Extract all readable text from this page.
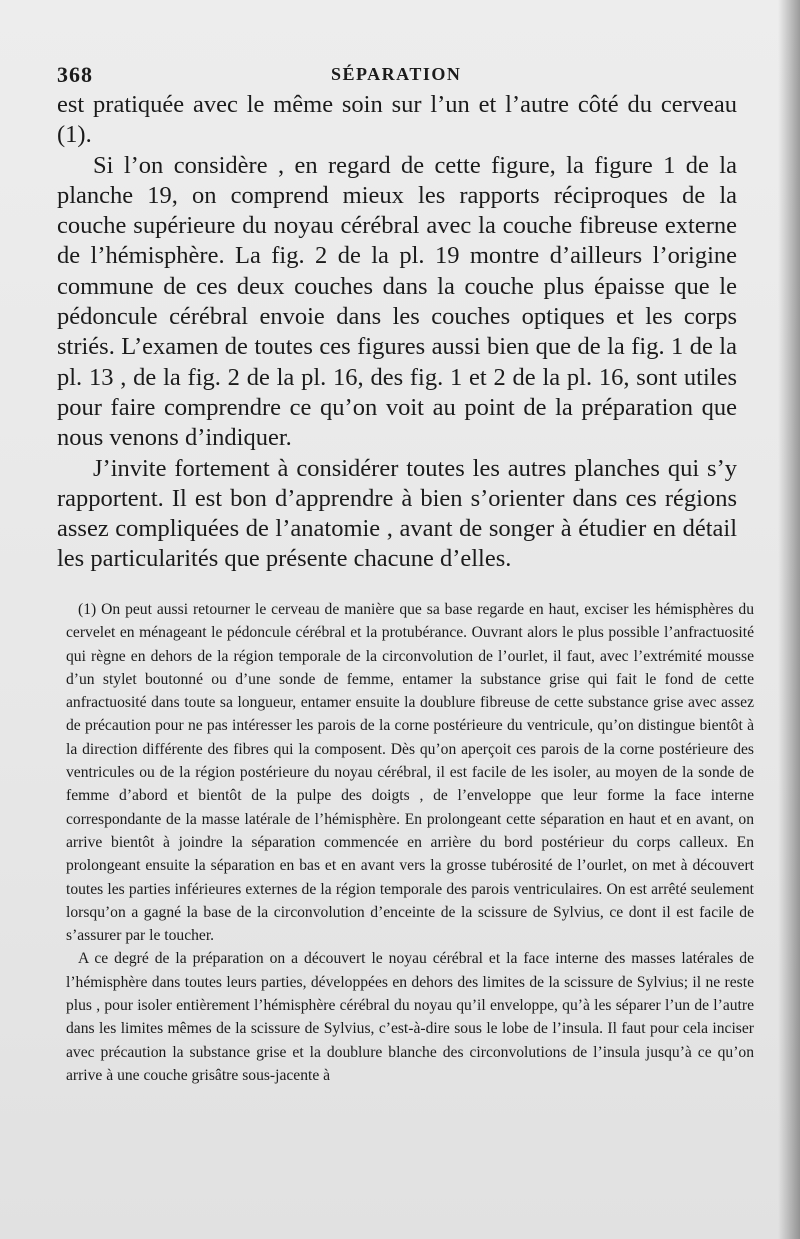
368	SÉPARATION

est pratiquée avec le même soin sur l’un et l’autre côté du cerveau (1).

Si l’on considère , en regard de cette figure, la figure 1 de la planche 19, on comprend mieux les rapports réciproques de la couche supérieure du noyau cérébral avec la couche fibreuse externe de l’hémisphère. La fig. 2 de la pl. 19 montre d’ailleurs l’origine commune de ces deux couches dans la couche plus épaisse que le pédoncule cérébral envoie dans les couches optiques et les corps striés. L’examen de toutes ces figures aussi bien que de la fig. 1 de la pl. 13 , de la fig. 2 de la pl. 16, des fig. 1 et 2 de la pl. 16, sont utiles pour faire comprendre ce qu’on voit au point de la préparation que nous venons d’indiquer.

J’invite fortement à considérer toutes les autres planches qui s’y rapportent. Il est bon d’apprendre à bien s’orienter dans ces régions assez compliquées de l’anatomie , avant de songer à étudier en détail les particularités que présente chacune d’elles.

(1) On peut aussi retourner le cerveau de manière que sa base regarde en haut, exciser les hémisphères du cervelet en ménageant le pédoncule cérébral et la protubérance. Ouvrant alors le plus possible l’anfractuosité qui règne en dehors de la région temporale de la circonvolution de l’ourlet, il faut, avec l’extrémité mousse d’un stylet boutonné ou d’une sonde de femme, entamer la substance grise qui fait le fond de cette anfractuosité dans toute sa longueur, entamer ensuite la doublure fibreuse de cette substance grise avec assez de précaution pour ne pas intéresser les parois de la corne postérieure du ventricule, qu’on distingue bientôt à la direction différente des fibres qui la composent. Dès qu’on aperçoit ces parois de la corne postérieure des ventricules ou de la région postérieure du noyau cérébral, il est facile de les isoler, au moyen de la sonde de femme d’abord et bientôt de la pulpe des doigts , de l’enveloppe que leur forme la face interne correspondante de la masse latérale de l’hémisphère. En prolongeant cette séparation en haut et en avant, on arrive bientôt à joindre la séparation commencée en arrière du bord postérieur du corps calleux. En prolongeant ensuite la séparation en bas et en avant vers la grosse tubérosité de l’ourlet, on met à découvert toutes les parties inférieures externes de la région temporale des parois ventriculaires. On est arrêté seulement lorsqu’on a gagné la base de la circonvolution d’enceinte de la scissure de Sylvius, ce dont il est facile de s’assurer par le toucher.

A ce degré de la préparation on a découvert le noyau cérébral et la face interne des masses latérales de l’hémisphère dans toutes leurs parties, développées en dehors des limites de la scissure de Sylvius; il ne reste plus , pour isoler entièrement l’hémisphère cérébral du noyau qu’il enveloppe, qu’à les séparer l’un de l’autre dans les limites mêmes de la scissure de Sylvius, c’est-à-dire sous le lobe de l’insula. Il faut pour cela inciser avec précaution la substance grise et la doublure blanche des circonvolutions de l’insula jusqu’à ce qu’on arrive à une couche grisâtre sous-jacente à
